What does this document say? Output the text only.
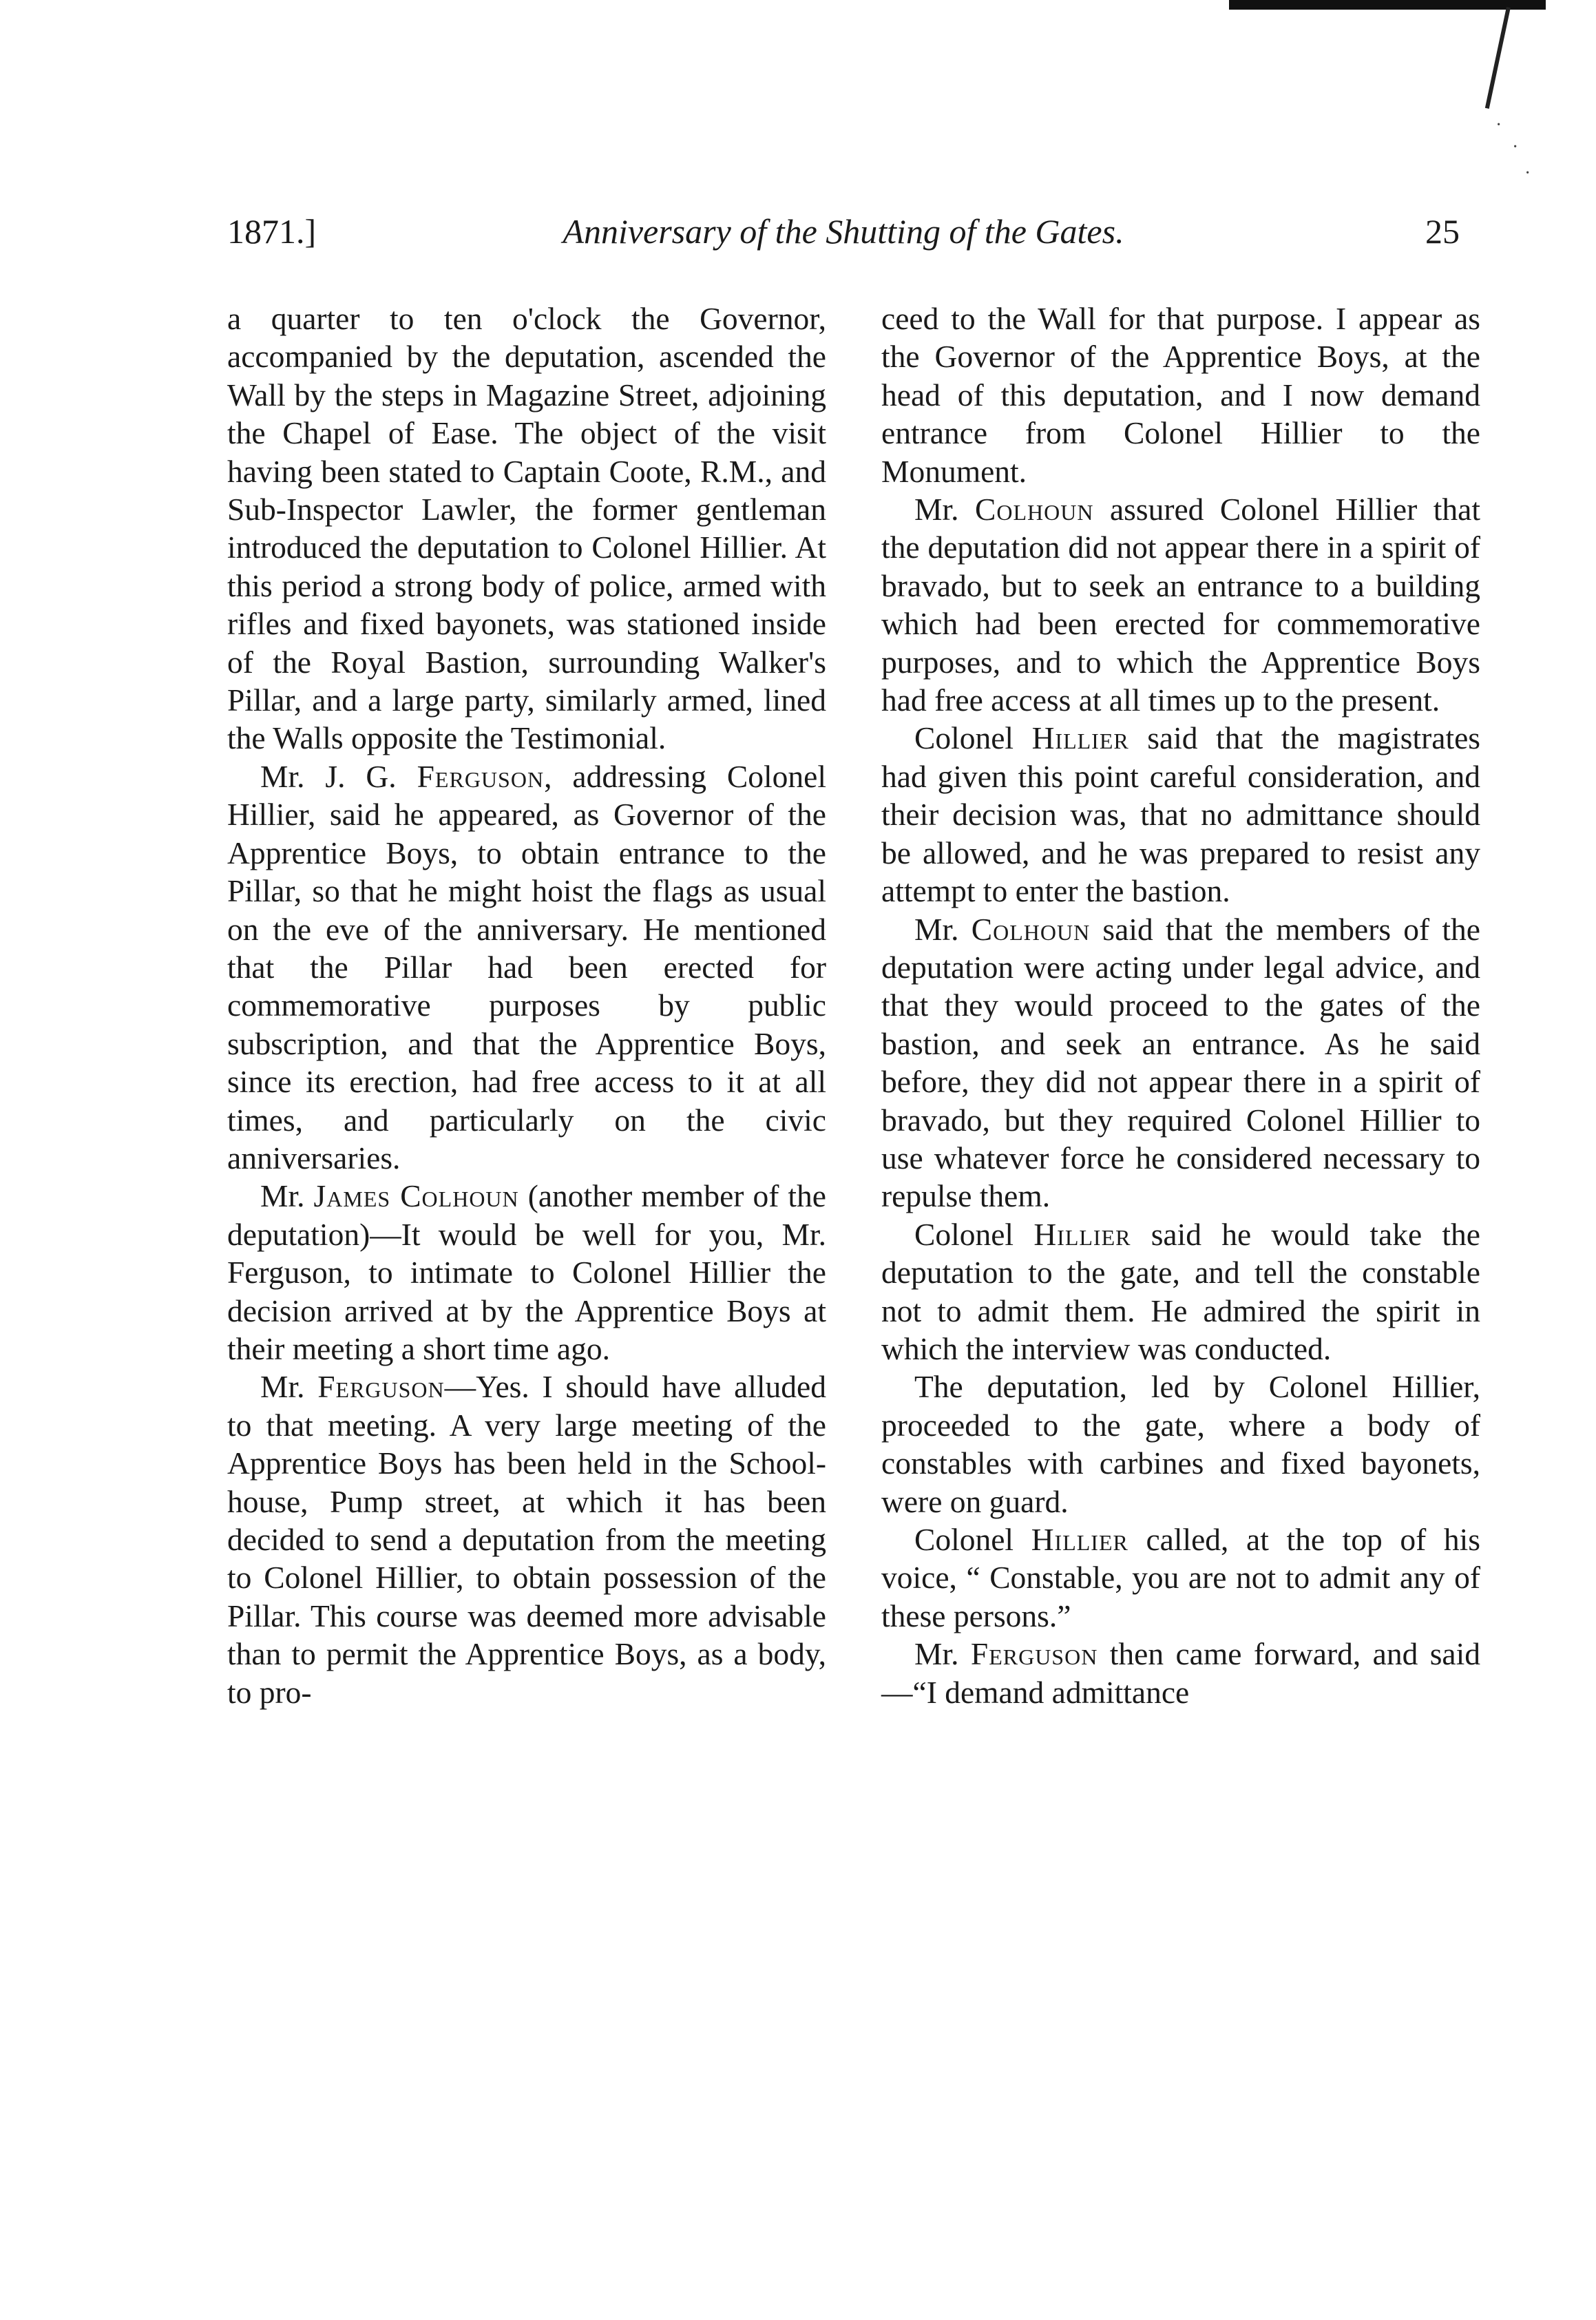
·
·
·
1871.]	Anniversary of the Shutting of the Gates.	25

a quarter to ten o'clock the Governor, accompanied by the deputation, ascended the Wall by the steps in Magazine Street, adjoining the Chapel of Ease. The object of the visit having been stated to Captain Coote, R.M., and Sub-Inspector Lawler, the former gentleman introduced the deputation to Colonel Hillier. At this period a strong body of police, armed with rifles and fixed bayonets, was stationed inside of the Royal Bastion, surrounding Walker's Pillar, and a large party, similarly armed, lined the Walls opposite the Testimonial.

Mr. J. G. Ferguson, addressing Colonel Hillier, said he appeared, as Governor of the Apprentice Boys, to obtain entrance to the Pillar, so that he might hoist the flags as usual on the eve of the anniversary. He mentioned that the Pillar had been erected for commemorative purposes by public subscription, and that the Apprentice Boys, since its erection, had free access to it at all times, and particularly on the civic anniversaries.

Mr. James Colhoun (another member of the deputation)—It would be well for you, Mr. Ferguson, to intimate to Colonel Hillier the decision arrived at by the Apprentice Boys at their meeting a short time ago.

Mr. Ferguson—Yes. I should have alluded to that meeting. A very large meeting of the Apprentice Boys has been held in the School-house, Pump street, at which it has been decided to send a deputation from the meeting to Colonel Hillier, to obtain possession of the Pillar. This course was deemed more advisable than to permit the Apprentice Boys, as a body, to pro-

ceed to the Wall for that purpose. I appear as the Governor of the Apprentice Boys, at the head of this deputation, and I now demand entrance from Colonel Hillier to the Monument.

Mr. Colhoun assured Colonel Hillier that the deputation did not appear there in a spirit of bravado, but to seek an entrance to a building which had been erected for commemorative purposes, and to which the Apprentice Boys had free access at all times up to the present.

Colonel Hillier said that the magistrates had given this point careful consideration, and their decision was, that no admittance should be allowed, and he was prepared to resist any attempt to enter the bastion.

Mr. Colhoun said that the members of the deputation were acting under legal advice, and that they would proceed to the gates of the bastion, and seek an entrance. As he said before, they did not appear there in a spirit of bravado, but they required Colonel Hillier to use whatever force he considered necessary to repulse them.

Colonel Hillier said he would take the deputation to the gate, and tell the constable not to admit them. He admired the spirit in which the interview was conducted.

The deputation, led by Colonel Hillier, proceeded to the gate, where a body of constables with carbines and fixed bayonets, were on guard.

Colonel Hillier called, at the top of his voice, “ Constable, you are not to admit any of these persons.”

Mr. Ferguson then came forward, and said—“I demand admittance
